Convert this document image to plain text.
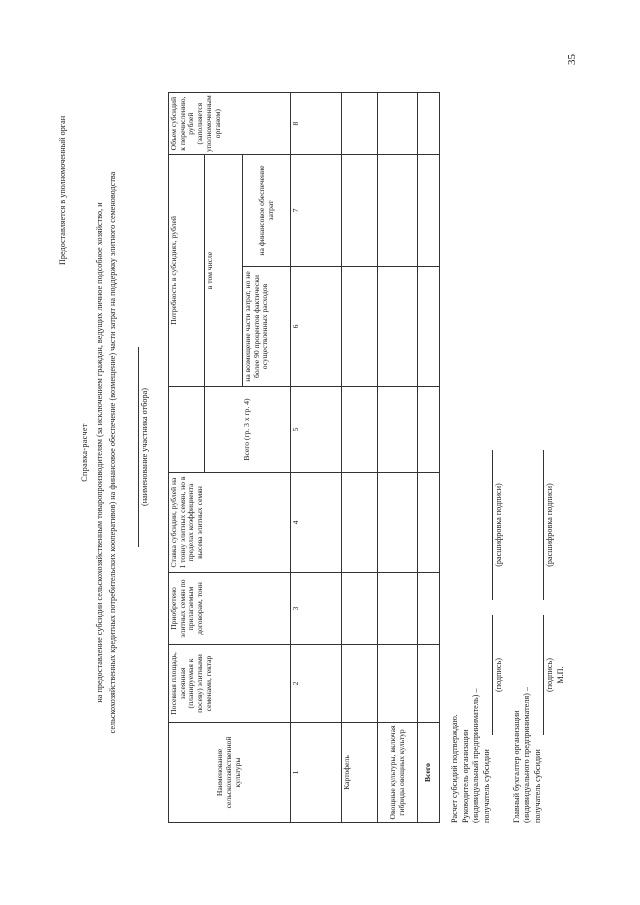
Предоставляется в уполномоченный орган
Справка-расчет на предоставление субсидии сельскохозяйственным товаропроизводителям (за исключением граждан, ведущих личное подсобное хозяйство, и сельскохозяйственных кредитных потребительских кооперативов) на финансовое обеспечение (возмещение) части затрат на поддержку элитного семеноводства	(наименование участника отбора)
Наименование сельскохозяйственной культуры	Посевная площадь, засеянная (планируемая к посеву) элитными семенами, гектар	Приобретено элитных семян по прилагаемым договорам, тонн	Ставка субсидии, рублей на 1 тонну элитных семян, но в пределах коэффициента высева элитных семян		Потребность в субсидиях, рублей		Объем субсидий к перечислению, рублей (заполняется уполномоченным органом)
				Всего (гр. 3 х гр. 4)	в том числе		
					на возмещение части затрат, но не более 90 процентов фактически осуществленных расходов	на финансовое обеспечение затрат	
1	2	3	4	5	6	7	8
Картофель							
Овощные культуры, включая гибриды овощных культур							
Всего							Расчет субсидий подтверждаю. Руководитель организации (индивидуальный предприниматель) – получатель субсидии
(подпись)
(расшифровка подписи)
Главный бухгалтер организации (индивидуального предпринимателя) – получатель субсидии
(подпись)
(расшифровка подписи)
М.П.
35
